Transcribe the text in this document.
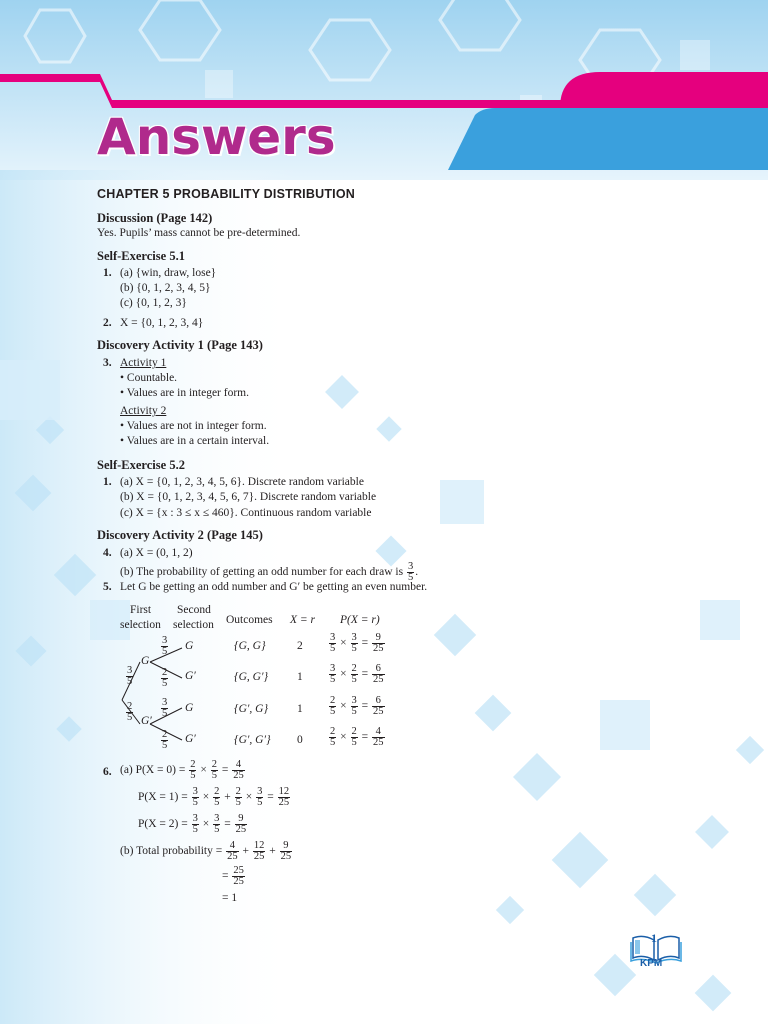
Answers
CHAPTER 5 PROBABILITY DISTRIBUTION
Discussion (Page 142)
Yes. Pupils’ mass cannot be pre-determined.
Self-Exercise 5.1
1. (a) {win, draw, lose}
(b) {0, 1, 2, 3, 4, 5}
(c) {0, 1, 2, 3}
2. X = {0, 1, 2, 3, 4}
Discovery Activity 1 (Page 143)
3. Activity 1
• Countable.
• Values are in integer form.
Activity 2
• Values are not in integer form.
• Values are in a certain interval.
Self-Exercise 5.2
1. (a) X = {0, 1, 2, 3, 4, 5, 6}. Discrete random variable
(b) X = {0, 1, 2, 3, 4, 5, 6, 7}. Discrete random variable
(c) X = {x : 3 ≤ x ≤ 460}. Continuous random variable
Discovery Activity 2 (Page 145)
4. (a) X = (0, 1, 2)
(b) The probability of getting an odd number for each draw is $\frac{3}{5}$ .
5. Let G be getting an odd number and G′ be getting an even number.
First
selection
Second
selection Outcomes X = r P(X = r)
G
G′
G
G′
G
G′
$\frac{3}{5}$
$\frac{2}{5}$
$\frac{3}{5}$
$\frac{2}{5}$
$\frac{3}{5}$
$\frac{2}{5}$
{G, G}	2	$\frac{3}{5} \times \frac{3}{5} = \frac{9}{25}$
{G, G′}	1	$\frac{3}{5} \times \frac{2}{5} = \frac{6}{25}$
{G′, G}	1	$\frac{2}{5} \times \frac{3}{5} = \frac{6}{25}$
{G′, G′} 0	$\frac{2}{5} \times \frac{2}{5} = \frac{4}{25}$
6. (a) $P(X = 0) = \frac{2}{5} \times \frac{2}{5} = \frac{4}{25}$
$P(X = 1) = \frac{3}{5} \times \frac{2}{5} + \frac{2}{5} \times \frac{3}{5} = \frac{12}{25}$
$P(X = 2) = \frac{3}{5} \times \frac{3}{5} = \frac{9}{25}$
(b) Total probability = $\frac{4}{25} + \frac{12}{25} + \frac{9}{25}$
= $\frac{25}{25}$
= 1
1
KPM
